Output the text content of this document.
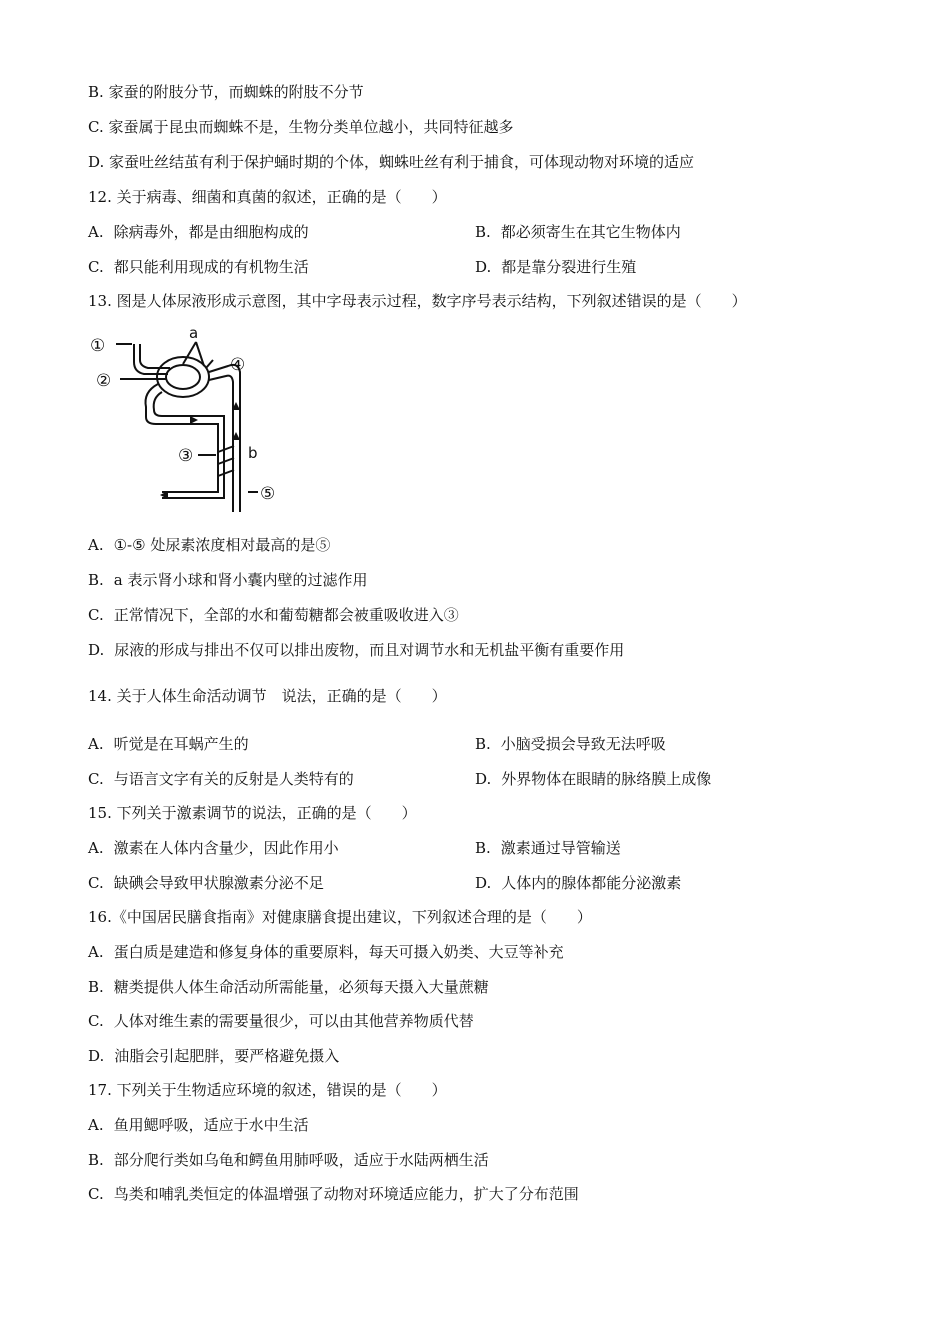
B. 家蚕的附肢分节，而蜘蛛的附肢不分节
C. 家蚕属于昆虫而蜘蛛不是，生物分类单位越小，共同特征越多
D. 家蚕吐丝结茧有利于保护蛹时期的个体，蜘蛛吐丝有利于捕食，可体现动物对环境的适应
12. 关于病毒、细菌和真菌的叙述，正确的是（　　）
A. 除病毒外，都是由细胞构成的	B. 都必须寄生在其它生物体内
C. 都只能利用现成的有机物生活	D. 都是靠分裂进行生殖
13. 图是人体尿液形成示意图，其中字母表示过程，数字序号表示结构，下列叙述错误的是（　　）
①
②
③
④
⑤
a
b
A. ①-⑤ 处尿素浓度相对最高的是⑤
B. a 表示肾小球和肾小囊内壁的过滤作用
C. 正常情况下，全部的水和葡萄糖都会被重吸收进入③
D. 尿液的形成与排出不仅可以排出废物，而且对调节水和无机盐平衡有重要作用
14. 关于人体生命活动调节　说法，正确的是（　　）
A. 听觉是在耳蜗产生的	B. 小脑受损会导致无法呼吸
C. 与语言文字有关的反射是人类特有的	D. 外界物体在眼睛的脉络膜上成像
15. 下列关于激素调节的说法，正确的是（　　）
A. 激素在人体内含量少，因此作用小	B. 激素通过导管输送
C. 缺碘会导致甲状腺激素分泌不足	D. 人体内的腺体都能分泌激素
16.《中国居民膳食指南》对健康膳食提出建议，下列叙述合理的是（　　）
A. 蛋白质是建造和修复身体的重要原料，每天可摄入奶类、大豆等补充
B. 糖类提供人体生命活动所需能量，必须每天摄入大量蔗糖
C. 人体对维生素的需要量很少，可以由其他营养物质代替
D. 油脂会引起肥胖，要严格避免摄入
17. 下列关于生物适应环境的叙述，错误的是（　　）
A. 鱼用鳃呼吸，适应于水中生活
B. 部分爬行类如乌龟和鳄鱼用肺呼吸，适应于水陆两栖生活
C. 鸟类和哺乳类恒定的体温增强了动物对环境适应能力，扩大了分布范围
